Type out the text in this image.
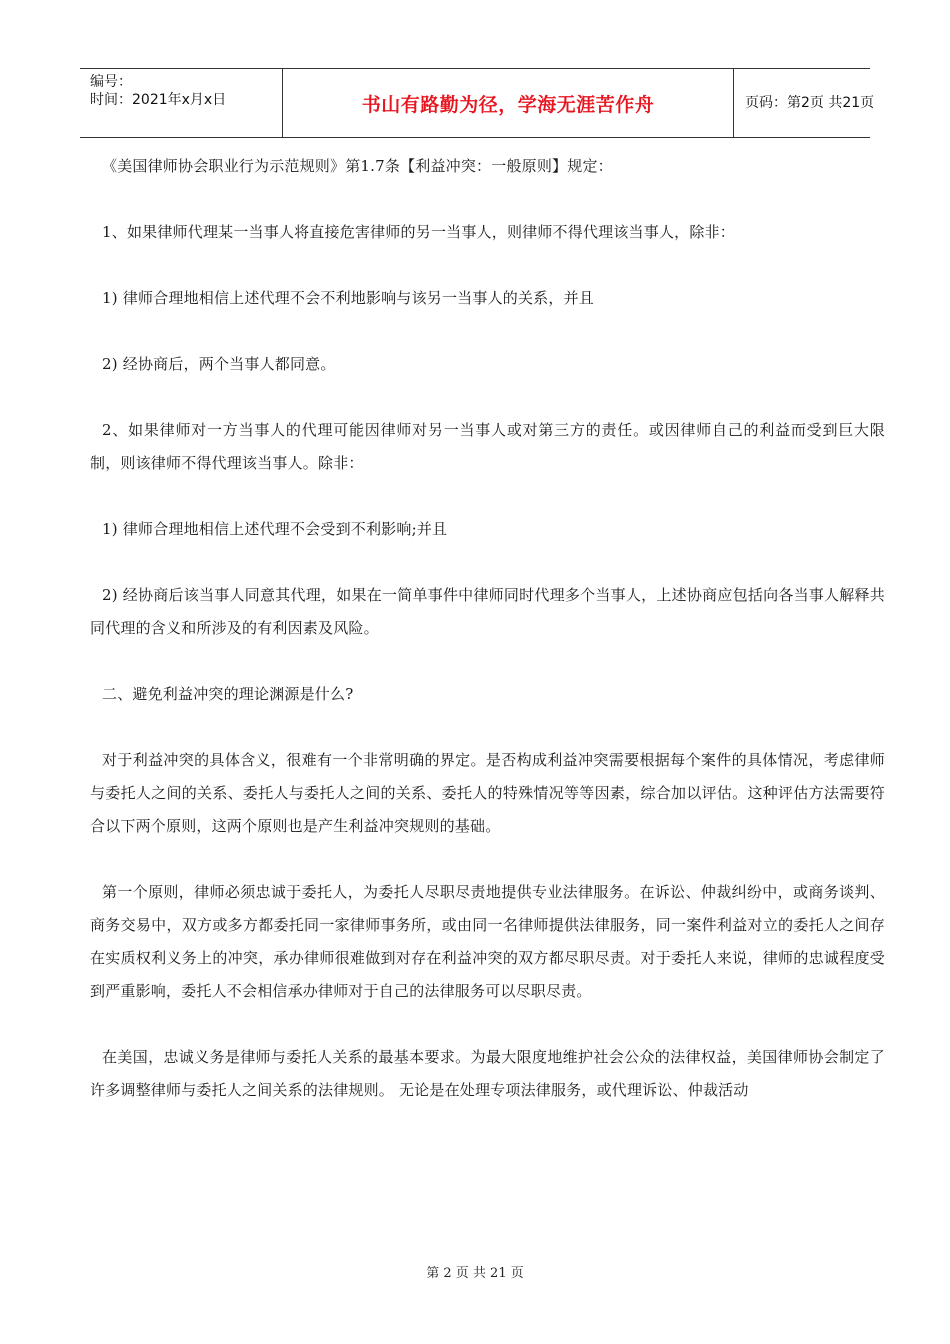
编号：
时间：2021年x月x日	书山有路勤为径，学海无涯苦作舟	页码：第2页 共21页

《美国律师协会职业行为示范规则》第1.7条【利益冲突：一般原则】规定：

1、如果律师代理某一当事人将直接危害律师的另一当事人，则律师不得代理该当事人，除非：

1) 律师合理地相信上述代理不会不利地影响与该另一当事人的关系，并且

2) 经协商后，两个当事人都同意。

2、如果律师对一方当事人的代理可能因律师对另一当事人或对第三方的责任。或因律师自己的利益而受到巨大限制，则该律师不得代理该当事人。除非：

1) 律师合理地相信上述代理不会受到不利影响;并且

2) 经协商后该当事人同意其代理，如果在一简单事件中律师同时代理多个当事人，上述协商应包括向各当事人解释共同代理的含义和所涉及的有利因素及风险。

二、避免利益冲突的理论渊源是什么?

对于利益冲突的具体含义，很难有一个非常明确的界定。是否构成利益冲突需要根据每个案件的具体情况，考虑律师与委托人之间的关系、委托人与委托人之间的关系、委托人的特殊情况等等因素，综合加以评估。这种评估方法需要符合以下两个原则，这两个原则也是产生利益冲突规则的基础。

第一个原则，律师必须忠诚于委托人，为委托人尽职尽责地提供专业法律服务。在诉讼、仲裁纠纷中，或商务谈判、商务交易中，双方或多方都委托同一家律师事务所，或由同一名律师提供法律服务，同一案件利益对立的委托人之间存在实质权利义务上的冲突，承办律师很难做到对存在利益冲突的双方都尽职尽责。对于委托人来说，律师的忠诚程度受到严重影响，委托人不会相信承办律师对于自己的法律服务可以尽职尽责。

在美国，忠诚义务是律师与委托人关系的最基本要求。为最大限度地维护社会公众的法律权益，美国律师协会制定了许多调整律师与委托人之间关系的法律规则。 无论是在处理专项法律服务，或代理诉讼、仲裁活动

第 2 页 共 21 页
